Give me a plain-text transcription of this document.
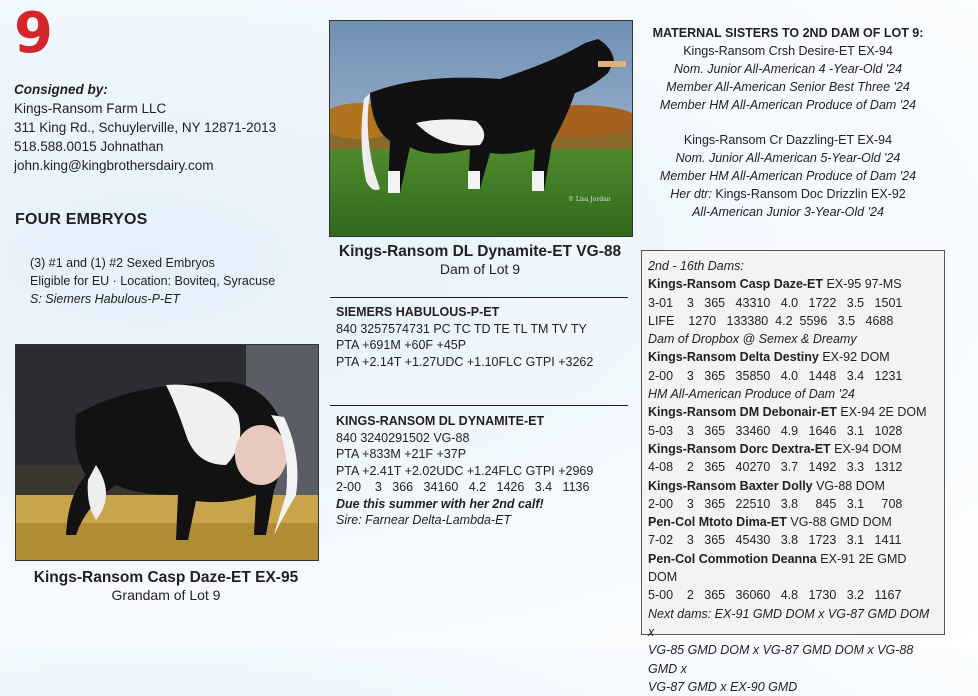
9
Consigned by:
Kings-Ransom Farm LLC
311 King Rd., Schuylerville, NY 12871-2013
518.588.0015 Johnathan
john.king@kingbrothersdairy.com
FOUR EMBRYOS
(3) #1 and (1) #2 Sexed Embryos
Eligible for EU · Location: Boviteq, Syracuse
S: Siemers Habulous-P-ET
© Lisa Jordan
Kings-Ransom DL Dynamite-ET VG-88
Dam of Lot 9
Kings-Ransom Casp Daze-ET EX-95
Grandam of Lot 9
SIEMERS HABULOUS-P-ET
840 3257574731 PC TC TD TE TL TM TV TY
PTA +691M +60F +45P
PTA +2.14T +1.27UDC +1.10FLC GTPI +3262
KINGS-RANSOM DL DYNAMITE-ET
840 3240291502 VG-88
PTA +833M +21F +37P
PTA +2.41T +2.02UDC +1.24FLC GTPI +2969
2-00    3   366   34160   4.2   1426   3.4   1136
Due this summer with her 2nd calf!
Sire: Farnear Delta-Lambda-ET
MATERNAL SISTERS TO 2ND DAM OF LOT 9:
Kings-Ransom Crsh Desire-ET EX-94
Nom. Junior All-American 4 -Year-Old '24
Member All-American Senior Best Three '24
Member HM All-American Produce of Dam '24
Kings-Ransom Cr Dazzling-ET EX-94
Nom. Junior All-American 5-Year-Old '24
Member HM All-American Produce of Dam '24
Her dtr: Kings-Ransom Doc Drizzlin EX-92
All-American Junior 3-Year-Old '24
2nd - 16th Dams:
Kings-Ransom Casp Daze-ET EX-95 97-MS
3-01    3   365   43310   4.0   1722   3.5   1501
LIFE    1270   133380  4.2  5596   3.5   4688
Dam of Dropbox @ Semex & Dreamy
Kings-Ransom Delta Destiny EX-92 DOM
2-00    3   365   35850   4.0   1448   3.4   1231
HM All-American Produce of Dam '24
Kings-Ransom DM Debonair-ET EX-94 2E DOM
5-03    3   365   33460   4.9   1646   3.1   1028
Kings-Ransom Dorc Dextra-ET EX-94 DOM
4-08    2   365   40270   3.7   1492   3.3   1312
Kings-Ransom Baxter Dolly VG-88 DOM
2-00    3   365   22510   3.8     845   3.1     708
Pen-Col Mtoto Dima-ET VG-88 GMD DOM
7-02    3   365   45430   3.8   1723   3.1   1411
Pen-Col Commotion Deanna EX-91 2E GMD DOM
5-00    2   365   36060   4.8   1730   3.2   1167
Next dams: EX-91 GMD DOM x VG-87 GMD DOM x
VG-85 GMD DOM x VG-87 GMD DOM x VG-88 GMD x
VG-87 GMD x EX-90 GMD
